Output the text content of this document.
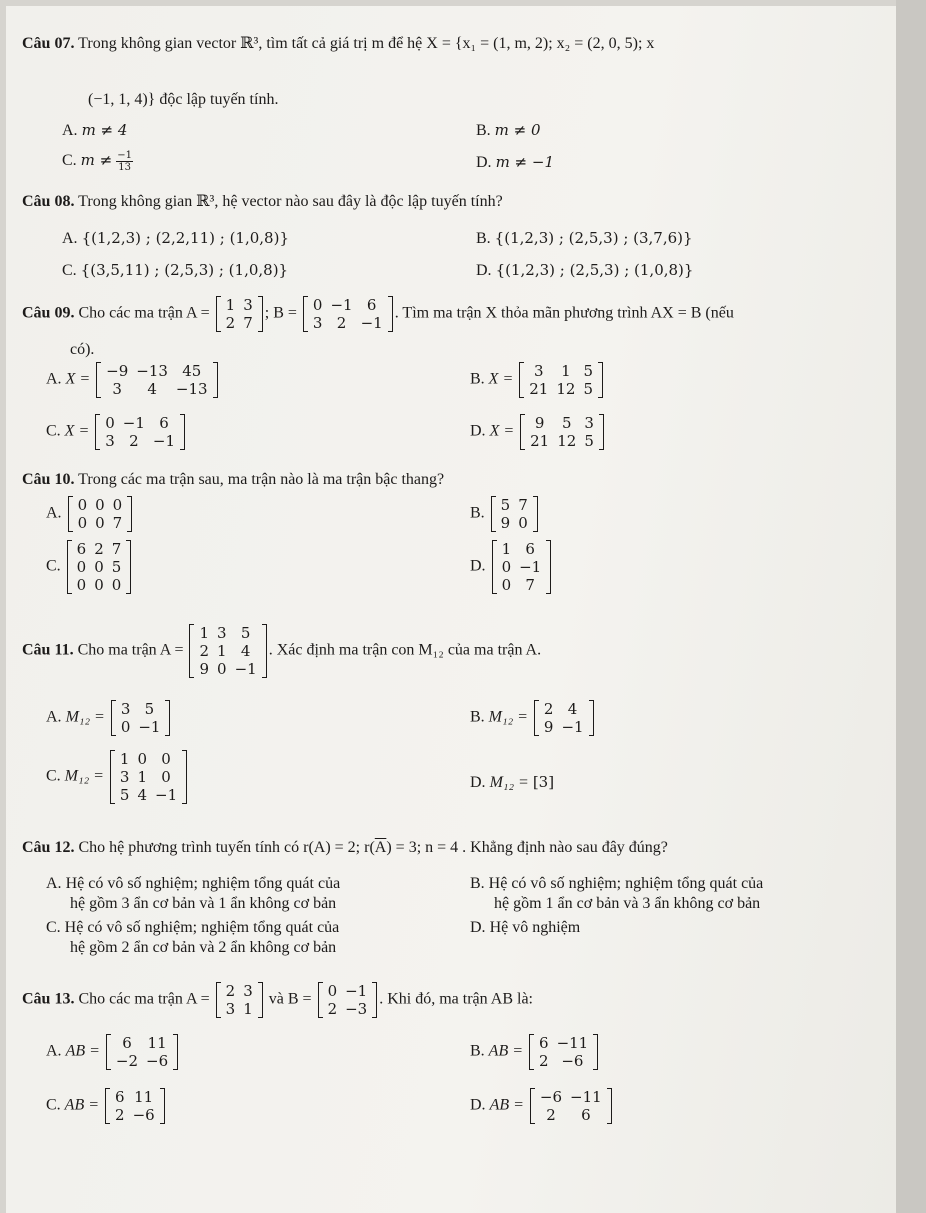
Câu 07. Trong không gian vector ℝ³, tìm tất cả giá trị m để hệ X = {x₁ = (1, m, 2); x₂ = (2, 0, 5); x
(−1, 1, 4)} độc lập tuyến tính.
A. m ≠ 4	B. m ≠ 0
C. $m \ne \frac{-1}{13}$	D. m ≠ −1
Câu 08. Trong không gian ℝ³, hệ vector nào sau đây là độc lập tuyến tính?
A. {(1,2,3) ; (2,2,11) ; (1,0,8)}	B. {(1,2,3) ; (2,5,3) ; (3,7,6)}
C. {(3,5,11) ; (2,5,3) ; (1,0,8)}	D. {(1,2,3) ; (2,5,3) ; (1,0,8)}
Câu 09. Cho các ma trận A = 1	3
2	7
; B = 0	−1	6
3	2	−1
. Tìm ma trận X thỏa mãn phương trình AX = B (nếu
có).
A. X = −9	−13	45
3	4	−13
B. X = 3	1	5
21	12	5
C. X = 0	−1	6
3	2	−1
D. X = 9	5	3
21	12	5
Câu 10. Trong các ma trận sau, ma trận nào là ma trận bậc thang?
A. 0	0	0
0	0	7
B. 5	7
9	0
C.
6	2	7
0	0	5
0	0	0
D.
1	6
0	−1
0	7
Câu 11. Cho ma trận A =
1	3	5
2	1	4
9	0	−1
. Xác định ma trận con M₁₂ của ma trận A.
A. M₁₂ = 3	5
0	−1
B. M₁₂ = 2	4
9	−1
C. M₁₂ =
1	0	0
3	1	0
5	4	−1
D. M₁₂ = [3]
Câu 12. Cho hệ phương trình tuyến tính có r(A) = 2; $r(\overline{A}) = 3$; n = 4 . Khẳng định nào sau đây đúng?
A. Hệ có vô số nghiệm; nghiệm tổng quát của
hệ gồm 3 ẩn cơ bản và 1 ẩn không cơ bản
B. Hệ có vô số nghiệm; nghiệm tổng quát của
hệ gồm 1 ẩn cơ bản và 3 ẩn không cơ bản
C. Hệ có vô số nghiệm; nghiệm tổng quát của
hệ gồm 2 ẩn cơ bản và 2 ẩn không cơ bản
D. Hệ vô nghiệm
Câu 13. Cho các ma trận A = 2	3
3	1
và B = 0	−1
2	−3
. Khi đó, ma trận AB là:
A. AB = 6	11
−2	−6
B. AB = 6	−11
2	−6
C. AB = 6	11
2	−6
D. AB = −6	−11
2	6
